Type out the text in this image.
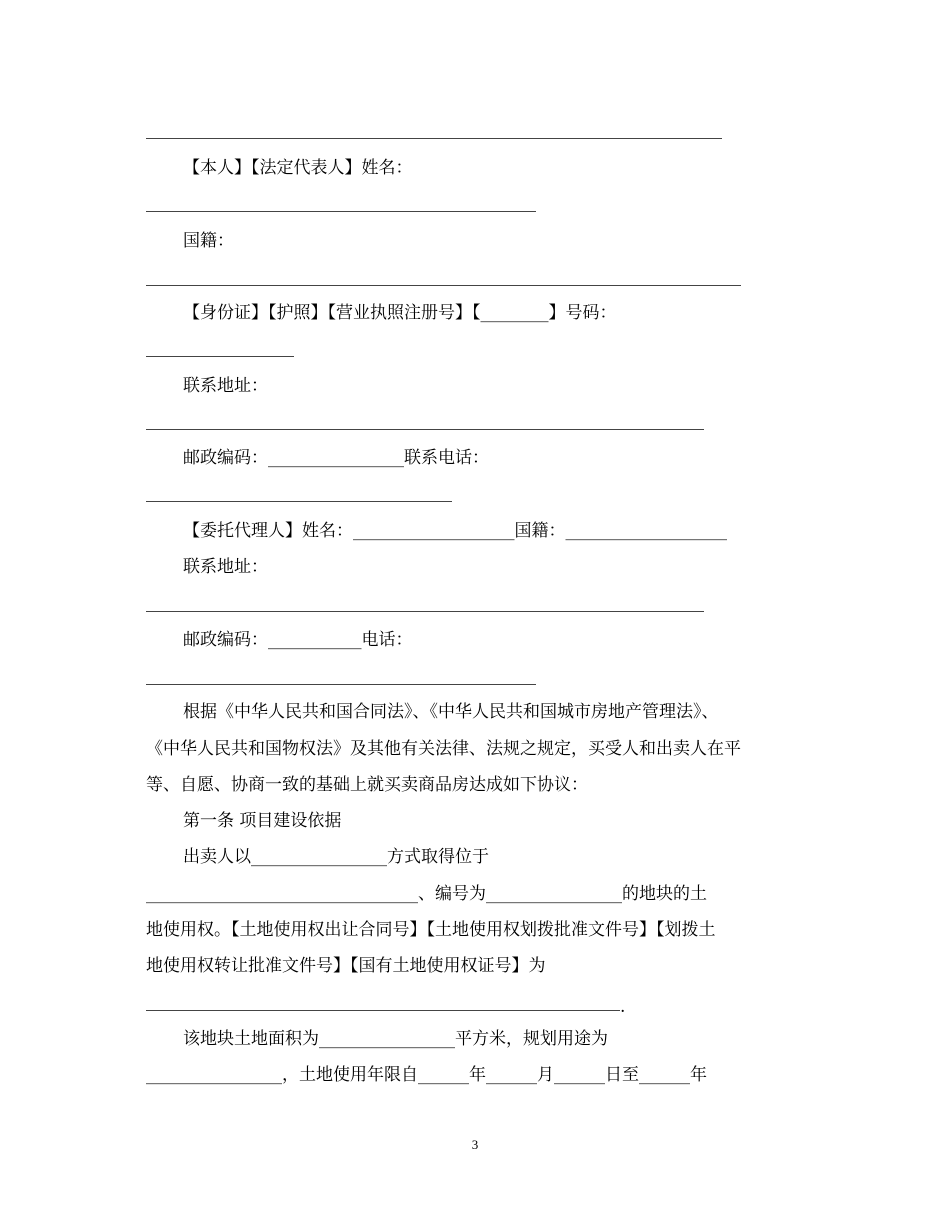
【本人】【法定代表人】姓名：
国籍：
【身份证】【护照】【营业执照注册号】【________】号码：
联系地址：
邮政编码：________________联系电话：
【委托代理人】姓名：___________________国籍：___________________
联系地址：
邮政编码：___________电话：
根据《中华人民共和国合同法》、《中华人民共和国城市房地产管理法》、
《中华人民共和国物权法》及其他有关法律、法规之规定，买受人和出卖人在平
等、自愿、协商一致的基础上就买卖商品房达成如下协议：
第一条 项目建设依据
出卖人以________________方式取得位于
________________________________、编号为________________的地块的土
地使用权。【土地使用权出让合同号】【土地使用权划拨批准文件号】【划拨土
地使用权转让批准文件号】【国有土地使用权证号】为
.
该地块土地面积为________________平方米，规划用途为
________________，土地使用年限自______年______月______日至______年
3
